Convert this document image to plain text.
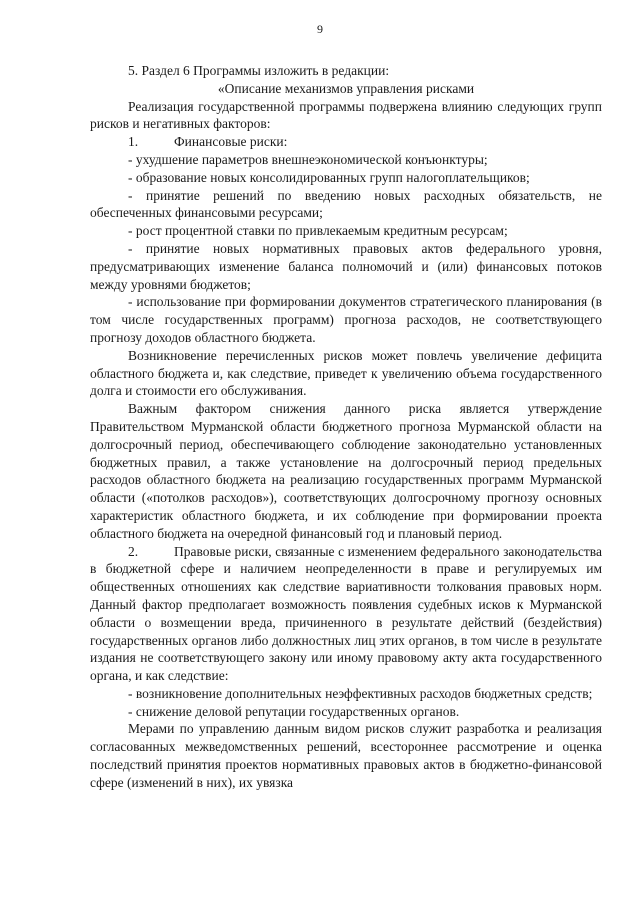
9

5. Раздел 6 Программы изложить в редакции:

«Описание механизмов управления рисками

Реализация государственной программы подвержена влиянию следующих групп рисков и негативных факторов:

1.	Финансовые риски:

- ухудшение параметров внешнеэкономической конъюнктуры;

- образование новых консолидированных групп налогоплательщиков;

- принятие решений по введению новых расходных обязательств, не обеспеченных финансовыми ресурсами;

- рост процентной ставки по привлекаемым кредитным ресурсам;

- принятие новых нормативных правовых актов федерального уровня, предусматривающих изменение баланса полномочий и (или) финансовых потоков между уровнями бюджетов;

- использование при формировании документов стратегического планирования (в том числе государственных программ) прогноза расходов, не соответствующего прогнозу доходов областного бюджета.

Возникновение перечисленных рисков может повлечь увеличение дефицита областного бюджета и, как следствие, приведет к увеличению объема государственного долга и стоимости его обслуживания.

Важным фактором снижения данного риска является утверждение Правительством Мурманской области бюджетного прогноза Мурманской области на долгосрочный период, обеспечивающего соблюдение законодательно установленных бюджетных правил, а также установление на долгосрочный период предельных расходов областного бюджета на реализацию государственных программ Мурманской области («потолков расходов»), соответствующих долгосрочному прогнозу основных характеристик областного бюджета, и их соблюдение при формировании проекта областного бюджета на очередной финансовый год и плановый период.

2.	Правовые риски, связанные с изменением федерального законодательства в бюджетной сфере и наличием неопределенности в праве и регулируемых им общественных отношениях как следствие вариативности толкования правовых норм. Данный фактор предполагает возможность появления судебных исков к Мурманской области о возмещении вреда, причиненного в результате действий (бездействия) государственных органов либо должностных лиц этих органов, в том числе в результате издания не соответствующего закону или иному правовому акту акта государственного органа, и как следствие:

- возникновение дополнительных неэффективных расходов бюджетных средств;

- снижение деловой репутации государственных органов.

Мерами по управлению данным видом рисков служит разработка и реализация согласованных межведомственных решений, всестороннее рассмотрение и оценка последствий принятия проектов нормативных правовых актов в бюджетно-финансовой сфере (изменений в них), их увязка
